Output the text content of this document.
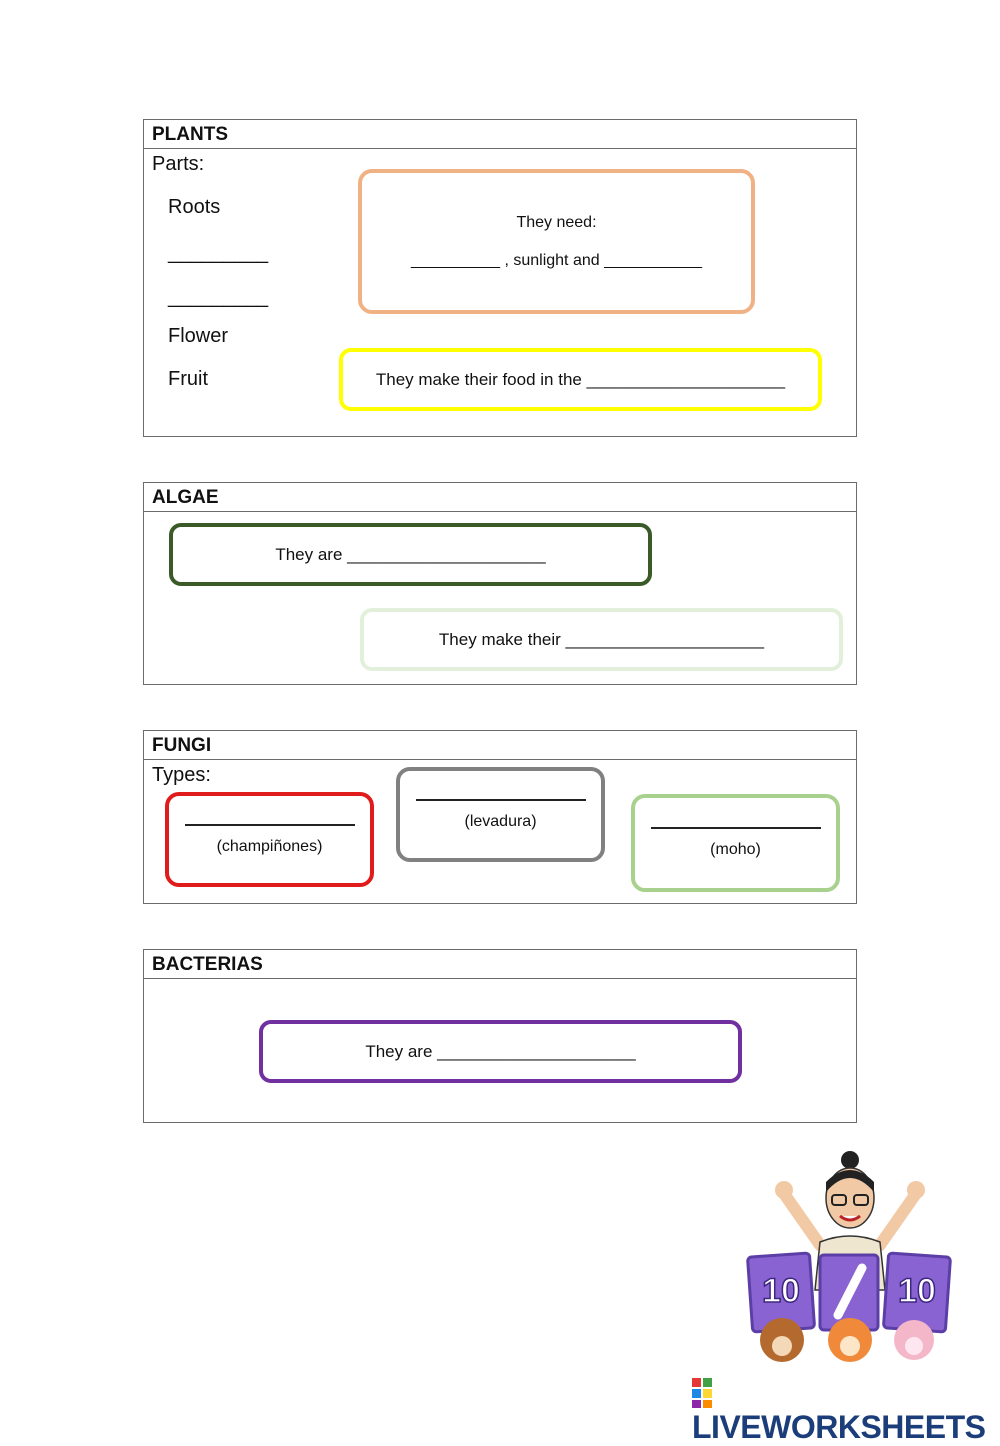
PLANTS
Parts:
Roots
_________
_________
Flower
Fruit
They need:
__________ , sunlight and ___________
They make their food in the _____________________
ALGAE
They are _____________________
They make their _____________________
FUNGI
Types:
(champiñones)
(levadura)
(moho)
BACTERIAS
They are _____________________
10	10
LIVEWORKSHEETS
